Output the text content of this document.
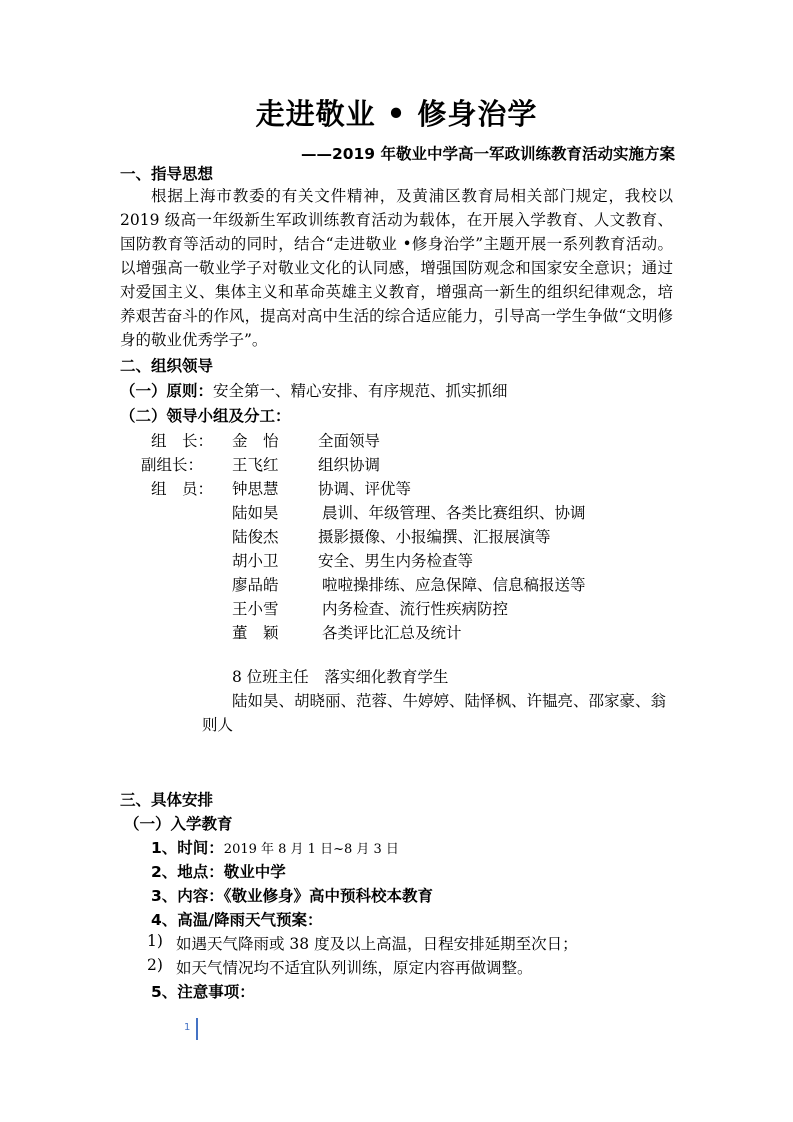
走进敬业 • 修身治学
——2019 年敬业中学高一军政训练教育活动实施方案
一、指导思想
根据上海市教委的有关文件精神，及黄浦区教育局相关部门规定，我校以2019 级高一年级新生军政训练教育活动为载体，在开展入学教育、人文教育、国防教育等活动的同时，结合“走进敬业 •修身治学”主题开展一系列教育活动。以增强高一敬业学子对敬业文化的认同感，增强国防观念和国家安全意识；通过对爱国主义、集体主义和革命英雄主义教育，增强高一新生的组织纪律观念，培养艰苦奋斗的作风，提高对高中生活的综合适应能力，引导高一学生争做“文明修身的敬业优秀学子”。
二、组织领导
（一）原则：安全第一、精心安排、有序规范、抓实抓细
（二）领导小组及分工：
组　长： 金　怡	全面领导
副组长： 王飞红	组织协调
组　员： 钟思慧	协调、评优等
陆如昊	晨训、年级管理、各类比赛组织、协调
陆俊杰	摄影摄像、小报编撰、汇报展演等
胡小卫	安全、男生内务检查等
廖品皓	啦啦操排练、应急保障、信息稿报送等
王小雪	内务检查、流行性疾病防控
董　颖	各类评比汇总及统计
8 位班主任　 落实细化教育学生
陆如昊、胡晓丽、范蓉、牛婷婷、陆怿枫、许韫亮、邵家豪、翁
则人
三、具体安排
（一）入学教育
1、时间：2019 年 8 月 1 日~8 月 3 日
2、地点：敬业中学
3、内容：《敬业修身》高中预科校本教育
4、高温/降雨天气预案：
1) 如遇天气降雨或 38 度及以上高温，日程安排延期至次日；
2) 如天气情况均不适宜队列训练，原定内容再做调整。
5、注意事项：
1
